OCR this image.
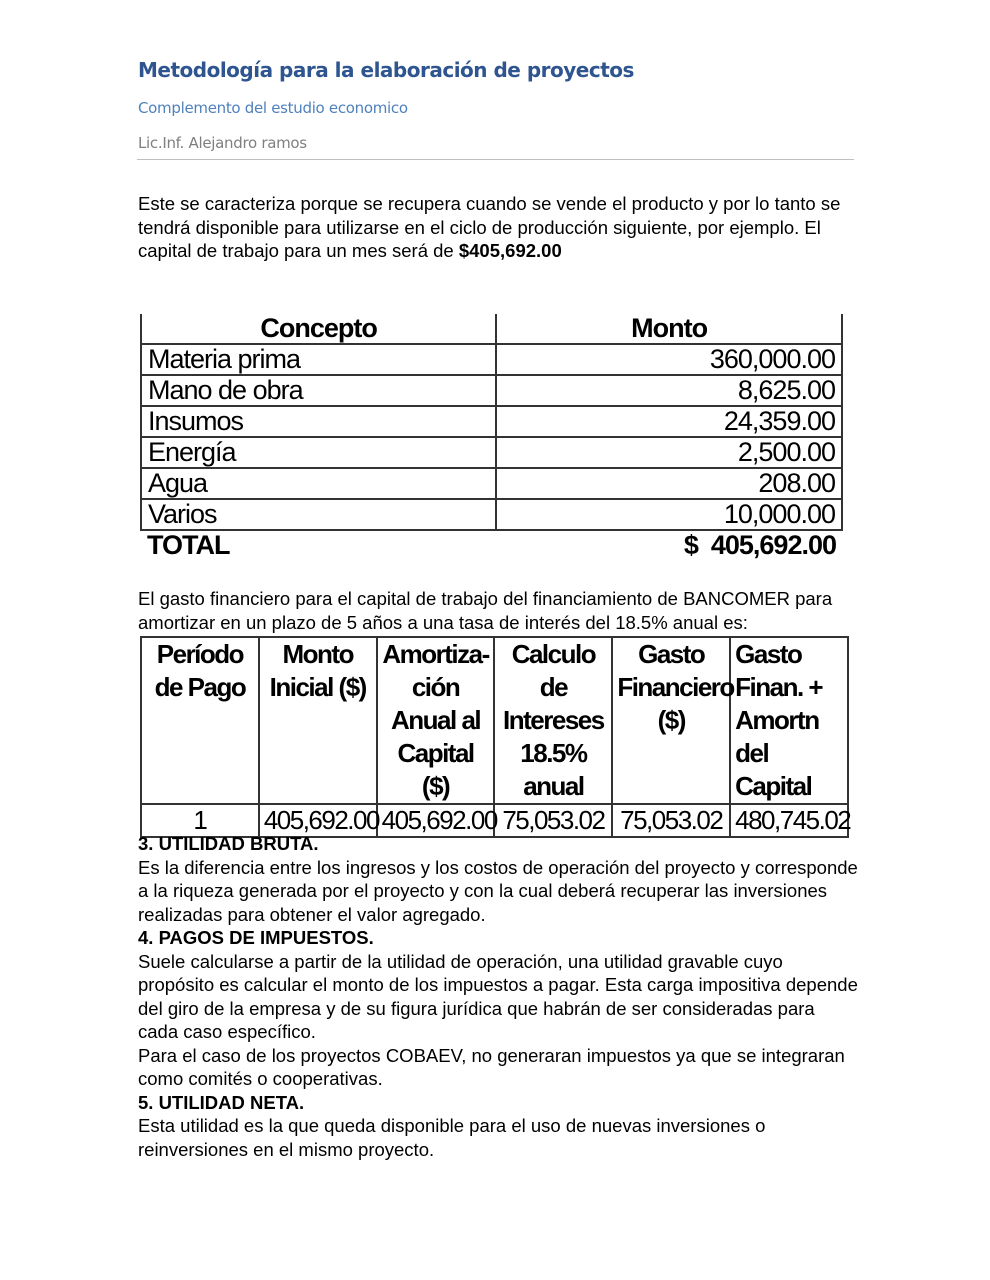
Metodología para la elaboración de proyectos
Complemento del estudio economico
Lic.Inf. Alejandro ramos
Este se caracteriza porque se recupera cuando se vende el producto y por lo tanto se tendrá disponible para utilizarse en el ciclo de producción siguiente, por ejemplo. El capital de trabajo para un mes será de $405,692.00
Concepto	Monto
Materia prima	360,000.00
Mano de obra	8,625.00
Insumos	24,359.00
Energía	2,500.00
Agua	208.00
Varios	10,000.00
TOTAL	$  405,692.00
El gasto financiero para el capital de trabajo del financiamiento de BANCOMER para amortizar en un plazo de 5 años a una tasa de interés del 18.5% anual es:
Período de Pago	Monto Inicial ($)	Amortiza-ción Anual al Capital ($)	Calculo de Intereses 18.5% anual	Gasto Financiero ($)	Gasto Finan. + Amortn del Capital
1	405,692.00	405,692.00	75,053.02	75,053.02	480,745.02
3. UTILIDAD BRUTA.
Es la diferencia entre los ingresos y los costos de operación del proyecto y corresponde a la riqueza generada por el proyecto y con la cual deberá recuperar las inversiones realizadas para obtener el valor agregado.
4. PAGOS DE IMPUESTOS.
Suele calcularse a partir de la utilidad de operación, una utilidad gravable cuyo propósito es calcular el monto de los impuestos a pagar. Esta carga impositiva depende del giro de la empresa y de su figura jurídica que habrán de ser consideradas para cada caso específico.
Para el caso de los proyectos COBAEV, no generaran impuestos ya que se integraran como comités o cooperativas.
5. UTILIDAD NETA.
Esta utilidad es la que queda disponible para el uso de nuevas inversiones o reinversiones en el mismo proyecto.
